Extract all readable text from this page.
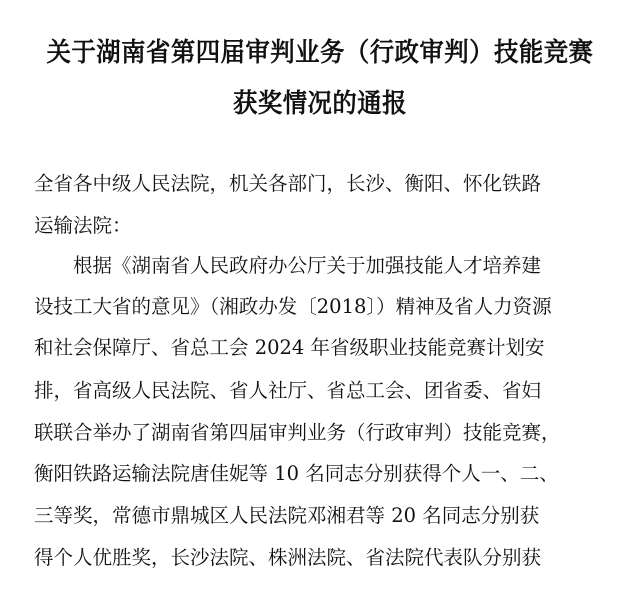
关于湖南省第四届审判业务（行政审判）技能竞赛
获奖情况的通报
全省各中级人民法院，机关各部门，长沙、衡阳、怀化铁路
运输法院：
　　根据《湖南省人民政府办公厅关于加强技能人才培养建
设技工大省的意见》（湘政办发〔2018〕）精神及省人力资源
和社会保障厅、省总工会 2024 年省级职业技能竞赛计划安
排，省高级人民法院、省人社厅、省总工会、团省委、省妇
联联合举办了湖南省第四届审判业务（行政审判）技能竞赛，
衡阳铁路运输法院唐佳妮等 10 名同志分别获得个人一、二、
三等奖，常德市鼎城区人民法院邓湘君等 20 名同志分别获
得个人优胜奖，长沙法院、株洲法院、省法院代表队分别获
